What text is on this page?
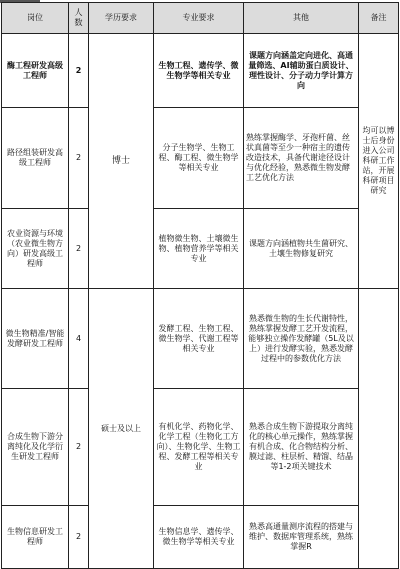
岗位	人数	学历要求	专业要求	其他	备注
酶工程研发高级工程师	2	博士	生物工程、遗传学、微生物学等相关专业	课题方向涵盖定向进化、高通量筛选、AI辅助蛋白质设计、理性设计、分子动力学计算方向	均可以博士后身份进入公司科研工作站，开展科研项目研究
路径组装研发高级工程师	2		分子生物学、生物工程、酶工程、微生物学等相关专业	熟练掌握酶学、牙孢杆菌、丝状真菌等至少一种宿主的遗传改造技术，具备代谢途径设计与优化经验，熟悉微生物发酵工艺优化方法	
农业资源与环境（农业微生物方向）研发高级工程师	2		植物微生物、土壤微生物、植物营养学等相关专业	课题方向涵植物共生菌研究、土壤生物修复研究	
微生物精准/智能发酵研发工程师	4	硕士及以上	发酵工程、生物工程、微生物学、代谢工程等相关专业	熟悉微生物的生长代谢特性，熟练掌握发酵工艺开发流程，能够独立操作发酵罐（5L及以上）进行发酵实验，熟悉发酵过程中的参数优化方法	
合成生物下游分离纯化及化学衍生研发工程师	2		有机化学、药物化学、化学工程（生物化工方向）、生物化学、生物工程、发酵工程等相关专业	熟悉合成生物下游提取分离纯化的核心单元操作，熟练掌握有机合成、化合物结构分析、膜过滤、柱层析、精馏、结晶等1-2项关键技术	
生物信息研发工程师	2		生物信息学、遗传学、微生物学等相关专业	熟悉高通量测序流程的搭建与维护、数据库管理系统，熟练掌握R	
